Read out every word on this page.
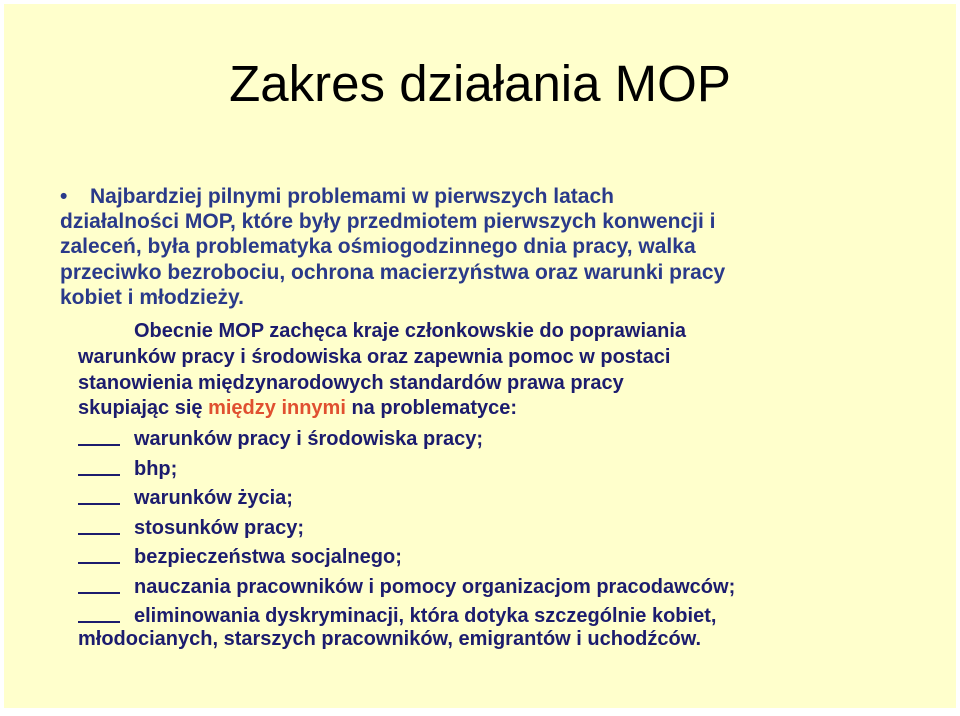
Zakres działania MOP
•	Najbardziej pilnymi problemami w pierwszych latach
działalności MOP, które były przedmiotem pierwszych konwencji i
zaleceń, była problematyka ośmiogodzinnego dnia pracy, walka
przeciwko bezrobociu, ochrona macierzyństwa oraz warunki pracy
kobiet i młodzieży.
Obecnie MOP zachęca kraje członkowskie do poprawiania
warunków pracy i środowiska oraz zapewnia pomoc w postaci
stanowienia międzynarodowych standardów prawa pracy
skupiając się między innymi na problematyce:
warunków pracy i środowiska pracy;
bhp;
warunków życia;
stosunków pracy;
bezpieczeństwa socjalnego;
nauczania pracowników i pomocy organizacjom pracodawców;
eliminowania dyskryminacji, która dotyka szczególnie kobiet,
młodocianych, starszych pracowników, emigrantów i uchodźców.
